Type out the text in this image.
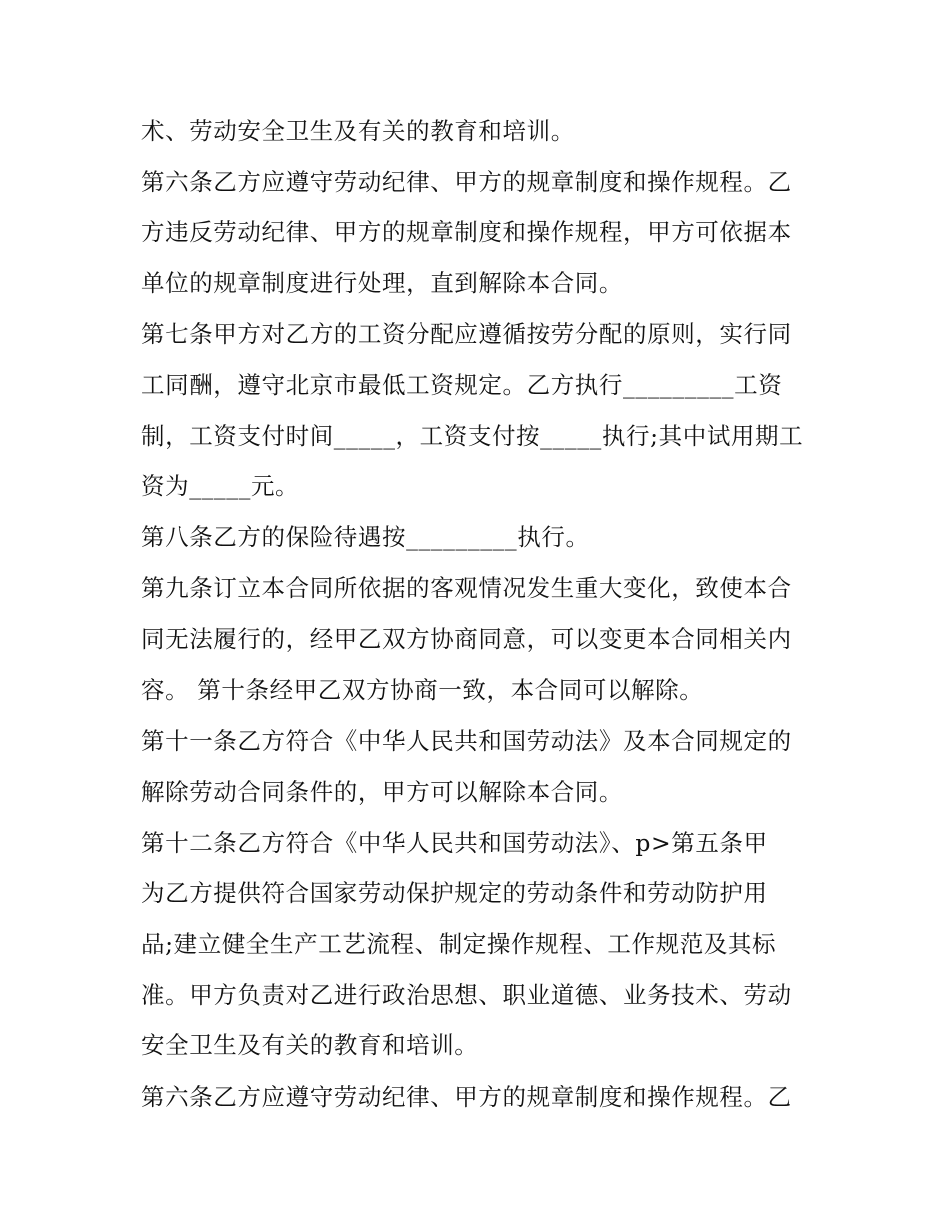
术、劳动安全卫生及有关的教育和培训。
第六条乙方应遵守劳动纪律、甲方的规章制度和操作规程。乙
方违反劳动纪律、甲方的规章制度和操作规程，甲方可依据本
单位的规章制度进行处理，直到解除本合同。
第七条甲方对乙方的工资分配应遵循按劳分配的原则，实行同
工同酬，遵守北京市最低工资规定。乙方执行_________工资
制，工资支付时间_____，工资支付按_____执行;其中试用期工
资为_____元。
第八条乙方的保险待遇按_________执行。
第九条订立本合同所依据的客观情况发生重大变化，致使本合
同无法履行的，经甲乙双方协商同意，可以变更本合同相关内
容。 第十条经甲乙双方协商一致，本合同可以解除。
第十一条乙方符合《中华人民共和国劳动法》及本合同规定的
解除劳动合同条件的，甲方可以解除本合同。
第十二条乙方符合《中华人民共和国劳动法》、p>第五条甲
为乙方提供符合国家劳动保护规定的劳动条件和劳动防护用
品;建立健全生产工艺流程、制定操作规程、工作规范及其标
准。甲方负责对乙进行政治思想、职业道德、业务技术、劳动
安全卫生及有关的教育和培训。
第六条乙方应遵守劳动纪律、甲方的规章制度和操作规程。乙
